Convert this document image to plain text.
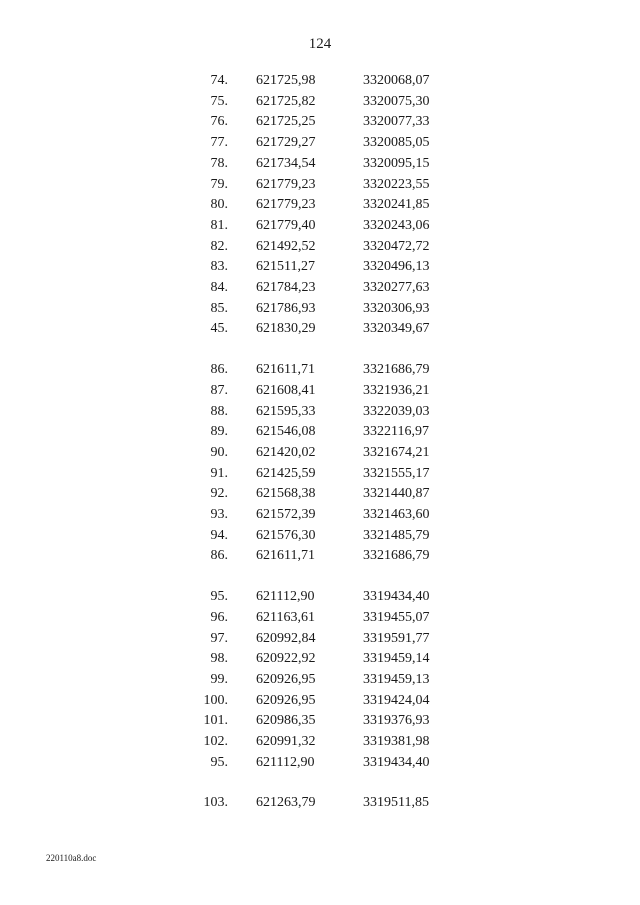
124
74. 621725,98	3320068,07
75. 621725,82	3320075,30
76. 621725,25	3320077,33
77. 621729,27	3320085,05
78. 621734,54	3320095,15
79. 621779,23	3320223,55
80. 621779,23	3320241,85
81. 621779,40	3320243,06
82. 621492,52	3320472,72
83. 621511,27	3320496,13
84. 621784,23	3320277,63
85. 621786,93	3320306,93
45. 621830,29	3320349,67
86. 621611,71	3321686,79
87. 621608,41	3321936,21
88. 621595,33	3322039,03
89. 621546,08	3322116,97
90. 621420,02	3321674,21
91. 621425,59	3321555,17
92. 621568,38	3321440,87
93. 621572,39	3321463,60
94. 621576,30	3321485,79
86. 621611,71	3321686,79
95. 621112,90	3319434,40
96. 621163,61	3319455,07
97. 620992,84	3319591,77
98. 620922,92	3319459,14
99. 620926,95	3319459,13
100. 620926,95	3319424,04
101. 620986,35	3319376,93
102. 620991,32	3319381,98
95. 621112,90	3319434,40
103. 621263,79	3319511,85
220110a8.doc
